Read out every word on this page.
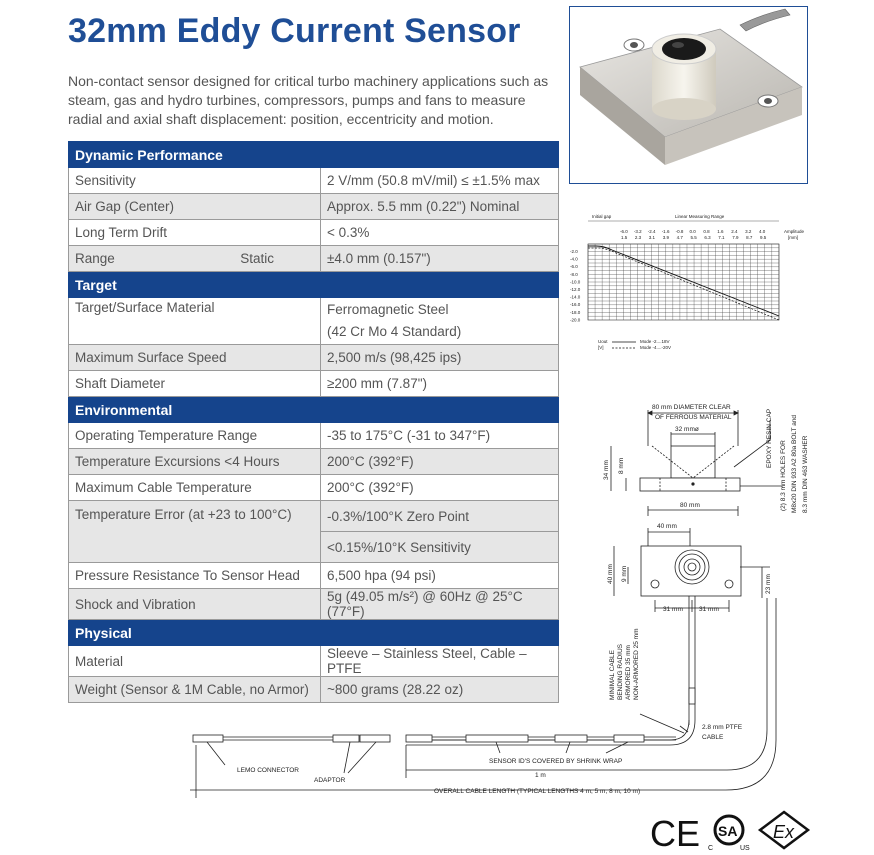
32mm Eddy Current Sensor
Non-contact sensor designed for critical turbo machinery applications such as steam, gas and hydro turbines, compressors, pumps and fans to measure radial and axial shaft displacement: position, eccentricity and motion.
Dynamic Performance	
Sensitivity	2 V/mm (50.8 mV/mil) ≤ ±1.5% max
Air Gap (Center)	Approx. 5.5 mm (0.22") Nominal
Long Term Drift	< 0.3%

Range Static	±4.0 mm (0.157")
Target	
Target/Surface Material	Ferromagnetic Steel
(42 Cr Mo 4 Standard)

Maximum Surface Speed	2,500 m/s (98,425 ips)
Shaft Diameter	≥200 mm (7.87")
Environmental	
Operating Temperature Range	-35 to 175°C (-31 to 347°F)
Temperature Excursions <4 Hours	200°C (392°F)
Maximum Cable Temperature	200°C (392°F)
Temperature Error (at +23 to 100°C)	-0.3%/100°K Zero Point
	<0.15%/10°K Sensitivity
Pressure Resistance To Sensor Head	6,500 hpa (94 psi)
Shock and Vibration	5g (49.05 m/s²) @ 60Hz @ 25°C (77°F)
Physical	
Material	Sleeve – Stainless Steel, Cable – PTFE
Weight (Sensor & 1M Cable, no Armor)	~800 grams (28.22 oz)
Initial gap	Linear Measuring Range
Amplitude
[mm]
-6.0 -3.2 -2.4 -1.6 -0.8 0.0 0.8 1.6 2.4 3.2 4.0
1.5 2.3 3.1 3.9 4.7 5.5 6.3 7.1 7.9 8.7 9.5
-2.0
-4.0
-6.0
-8.0
-10.0
-12.0
-14.0
-16.0
-18.0
-20.0
Uout
[V]
Mode -2....18V
Mode -4....-20V
80 mm DIAMETER CLEAR
OF FERROUS MATERIAL
32 mmø
34 mm 8 mm
80 mm
EPOXY RESIN CAP
(2) 8.3 mm HOLES FOR M8x20 DIN 933 A2 80a BOLT and 8.3 mm DIN 463 WASHER
40 mm
40 mm 9 mm
31 mm 31 mm
23 mm
MINIMAL CABLE BENDING RADIUS ARMORED 35 mm NON-ARMORED 25 mm
2.8 mm PTFE
CABLE
LEMO CONNECTOR
ADAPTOR
SENSOR ID'S COVERED BY SHRINK WRAP
1 m
OVERALL CABLE LENGTH (TYPICAL LENGTHS 4 m, 5 m, 8 m, 10 m)
CE SA
C	US
Ex
